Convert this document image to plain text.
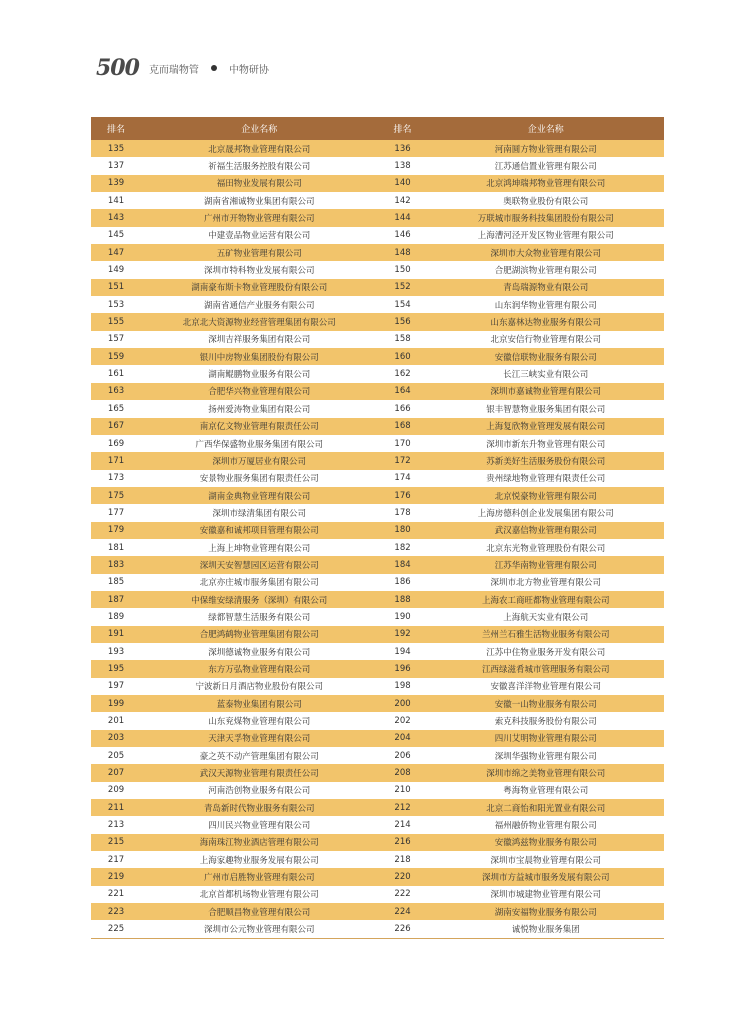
500 克而瑞物管	中物研协
排名	企业名称	排名	企业名称
135	北京晟邦物业管理有限公司	136	河南圆方物业管理有限公司
137	祈福生活服务控股有限公司	138	江苏通信置业管理有限公司
139	福田物业发展有限公司	140	北京鸿坤瑞邦物业管理有限公司
141	湖南省湘诚物业集团有限公司	142	奥联物业股份有限公司
143	广州市开物物业管理有限公司	144	万联城市服务科技集团股份有限公司
145	中建壹品物业运营有限公司	146	上海漕河泾开发区物业管理有限公司
147	五矿物业管理有限公司	148	深圳市大众物业管理有限公司
149	深圳市特科物业发展有限公司	150	合肥湖滨物业管理有限公司
151	湖南豪布斯卡物业管理股份有限公司	152	青岛瑞源物业有限公司
153	湖南省通信产业服务有限公司	154	山东润华物业管理有限公司
155	北京北大资源物业经营管理集团有限公司	156	山东嘉林达物业服务有限公司
157	深圳吉祥服务集团有限公司	158	北京安信行物业管理有限公司
159	银川中房物业集团股份有限公司	160	安徽信联物业服务有限公司
161	湖南鲲鹏物业服务有限公司	162	长江三峡实业有限公司
163	合肥华兴物业管理有限公司	164	深圳市嘉诚物业管理有限公司
165	扬州爱涛物业集团有限公司	166	银丰智慧物业服务集团有限公司
167	南京亿文物业管理有限责任公司	168	上海复欣物业管理发展有限公司
169	广西华保盛物业服务集团有限公司	170	深圳市新东升物业管理有限公司
171	深圳市万厦居业有限公司	172	苏新美好生活服务股份有限公司
173	安景物业服务集团有限责任公司	174	贵州绿地物业管理有限责任公司
175	湖南金典物业管理有限公司	176	北京悦豪物业管理有限公司
177	深圳市绿清集团有限公司	178	上海房德科创企业发展集团有限公司
179	安徽嘉和诚邦项目管理有限公司	180	武汉嘉信物业管理有限公司
181	上海上坤物业管理有限公司	182	北京东光物业管理股份有限公司
183	深圳天安智慧园区运营有限公司	184	江苏华南物业管理有限公司
185	北京亦庄城市服务集团有限公司	186	深圳市北方物业管理有限公司
187	中保维安绿清服务（深圳）有限公司	188	上海农工商旺都物业管理有限公司
189	绿都智慧生活服务有限公司	190	上海航天实业有限公司
191	合肥鸿鹤物业管理集团有限公司	192	兰州兰石雅生活物业服务有限公司
193	深圳德诚物业服务有限公司	194	江苏中住物业服务开发有限公司
195	东方万弘物业管理有限公司	196	江西绿滋肴城市管理服务有限公司
197	宁波新日月酒店物业股份有限公司	198	安徽喜洋洋物业管理有限公司
199	蓝泰物业集团有限公司	200	安徽一山物业服务有限公司
201	山东兖煤物业管理有限公司	202	索克科技服务股份有限公司
203	天津天孚物业管理有限公司	204	四川艾明物业管理有限公司
205	豪之英不动产管理集团有限公司	206	深圳华强物业管理有限公司
207	武汉天源物业管理有限责任公司	208	深圳市绵之美物业管理有限公司
209	河南浩创物业服务有限公司	210	粤海物业管理有限公司
211	青岛新时代物业服务有限公司	212	北京二商怡和阳光置业有限公司
213	四川民兴物业管理有限公司	214	福州融侨物业管理有限公司
215	海南珠江物业酒店管理有限公司	216	安徽鸿兹物业服务有限公司
217	上海家趣物业服务发展有限公司	218	深圳市宝晨物业管理有限公司
219	广州市启胜物业管理有限公司	220	深圳市方益城市服务发展有限公司
221	北京首都机场物业管理有限公司	222	深圳市城建物业管理有限公司
223	合肥顺昌物业管理有限公司	224	湖南安福物业服务有限公司
225	深圳市公元物业管理有限公司	226	诚悦物业服务集团
